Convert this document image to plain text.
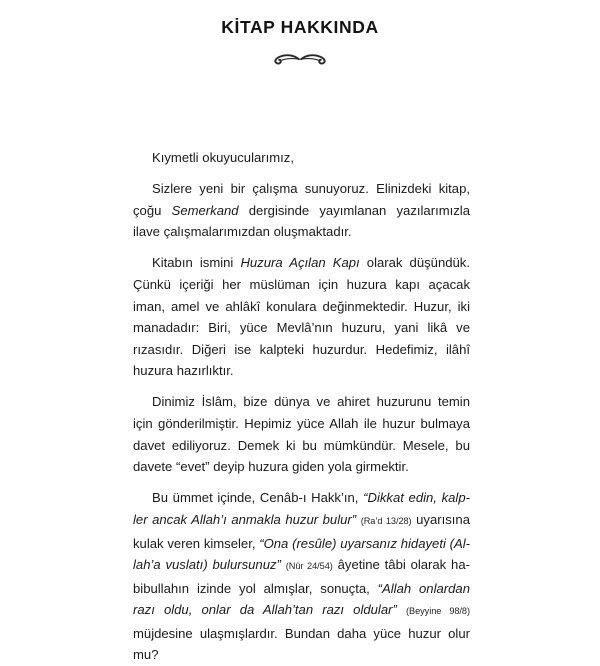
KİTAP HAKKINDA

Kıymetli okuyucularımız,

Sizlere yeni bir çalışma sunuyoruz. Elinizdeki kitap, çoğu Semerkand dergisinde yayımlanan yazılarımızla ilave çalışmalarımızdan oluşmaktadır.

Kitabın ismini Huzura Açılan Kapı olarak düşündük. Çünkü içeriği her müslüman için huzura kapı açacak iman, amel ve ahlâkî konulara değinmektedir. Huzur, iki manadadır: Biri, yüce Mevlâ’nın huzuru, yani likâ ve rızasıdır. Diğeri ise kalpteki huzurdur. Hedefimiz, ilâhî huzura hazırlıktır.

Dinimiz İslâm, bize dünya ve ahiret huzurunu temin için gönderilmiştir. Hepimiz yüce Allah ile huzur bulmaya davet ediliyoruz. Demek ki bu mümkündür. Mesele, bu davete “evet” deyip huzura giden yola girmektir.

Bu ümmet içinde, Cenâb-ı Hakk’ın, “Dikkat edin, kalpler ancak Allah’ı anmakla huzur bulur” (Ra’d 13/28) uyarısına kulak veren kimseler, “Ona (resûle) uyarsanız hidayeti (Allah’a vuslatı) bulursunuz” (Nûr 24/54) âyetine tâbi olarak habibullahın izinde yol almışlar, sonuçta, “Allah onlardan razı oldu, onlar da Allah’tan razı oldular” (Beyyine 98/8) müjdesine ulaşmışlardır. Bundan daha yüce huzur olur mu?
